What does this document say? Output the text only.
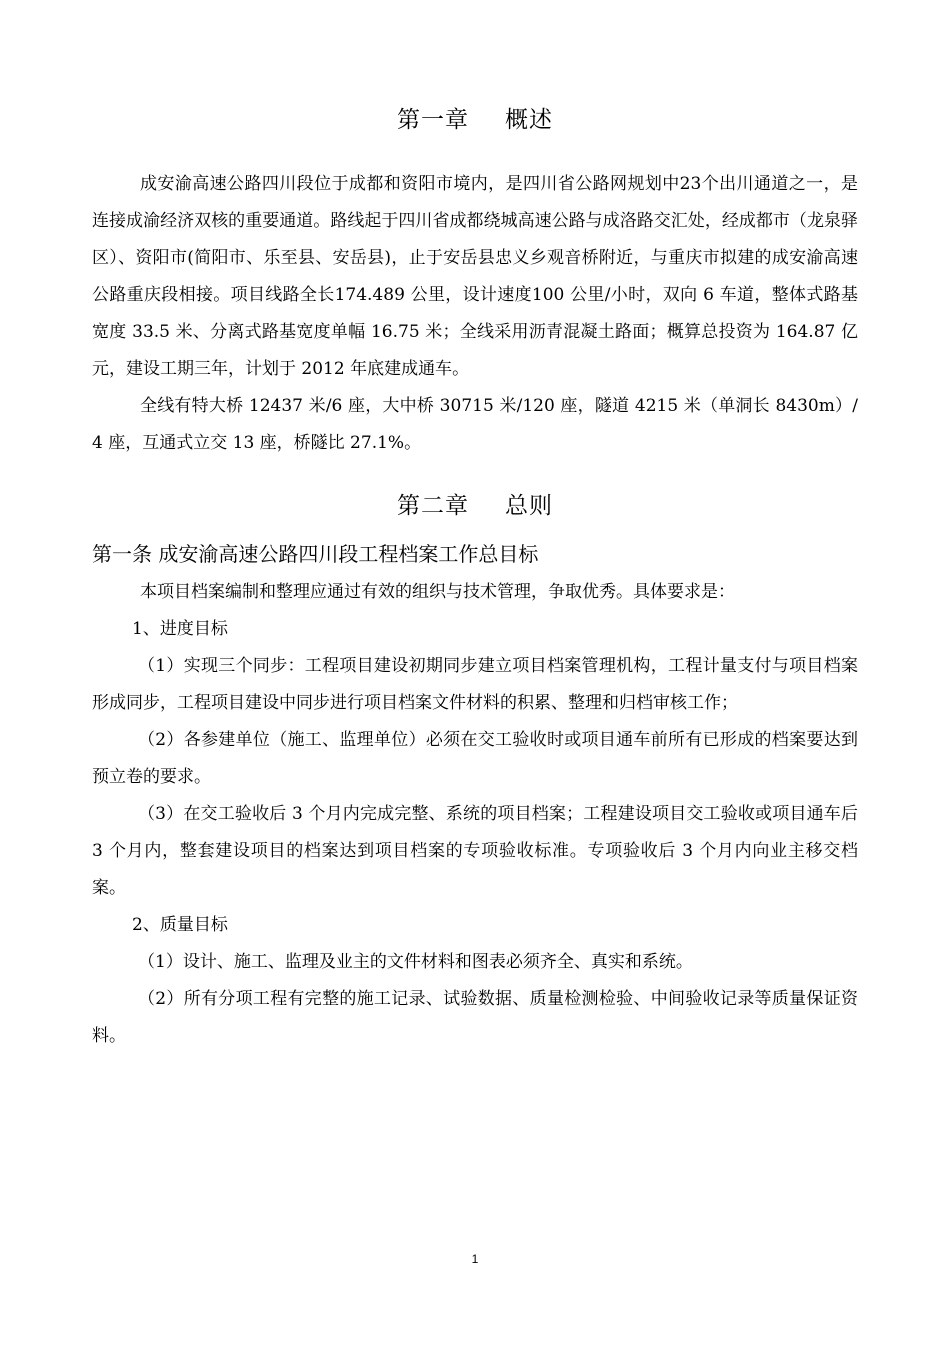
第一章 概述

成安渝高速公路四川段位于成都和资阳市境内，是四川省公路网规划中23个出川通道之一，是连接成渝经济双核的重要通道。路线起于四川省成都绕城高速公路与成洛路交汇处，经成都市（龙泉驿区）、资阳市(简阳市、乐至县、安岳县)，止于安岳县忠义乡观音桥附近，与重庆市拟建的成安渝高速公路重庆段相接。项目线路全长174.489 公里，设计速度100 公里/小时，双向 6 车道，整体式路基宽度 33.5 米、分离式路基宽度单幅 16.75 米；全线采用沥青混凝土路面；概算总投资为 164.87 亿元，建设工期三年，计划于 2012 年底建成通车。

全线有特大桥 12437 米/6 座，大中桥 30715 米/120 座，隧道 4215 米（单洞长 8430m）/4 座，互通式立交 13 座，桥隧比 27.1%。

第二章 总则
第一条 成安渝高速公路四川段工程档案工作总目标

本项目档案编制和整理应通过有效的组织与技术管理，争取优秀。具体要求是：

1、进度目标

（1）实现三个同步：工程项目建设初期同步建立项目档案管理机构，工程计量支付与项目档案形成同步，工程项目建设中同步进行项目档案文件材料的积累、整理和归档审核工作；

（2）各参建单位（施工、监理单位）必须在交工验收时或项目通车前所有已形成的档案要达到预立卷的要求。

（3）在交工验收后 3 个月内完成完整、系统的项目档案；工程建设项目交工验收或项目通车后 3 个月内，整套建设项目的档案达到项目档案的专项验收标准。专项验收后 3 个月内向业主移交档案。

2、质量目标

（1）设计、施工、监理及业主的文件材料和图表必须齐全、真实和系统。

（2）所有分项工程有完整的施工记录、试验数据、质量检测检验、中间验收记录等质量保证资料。

1
